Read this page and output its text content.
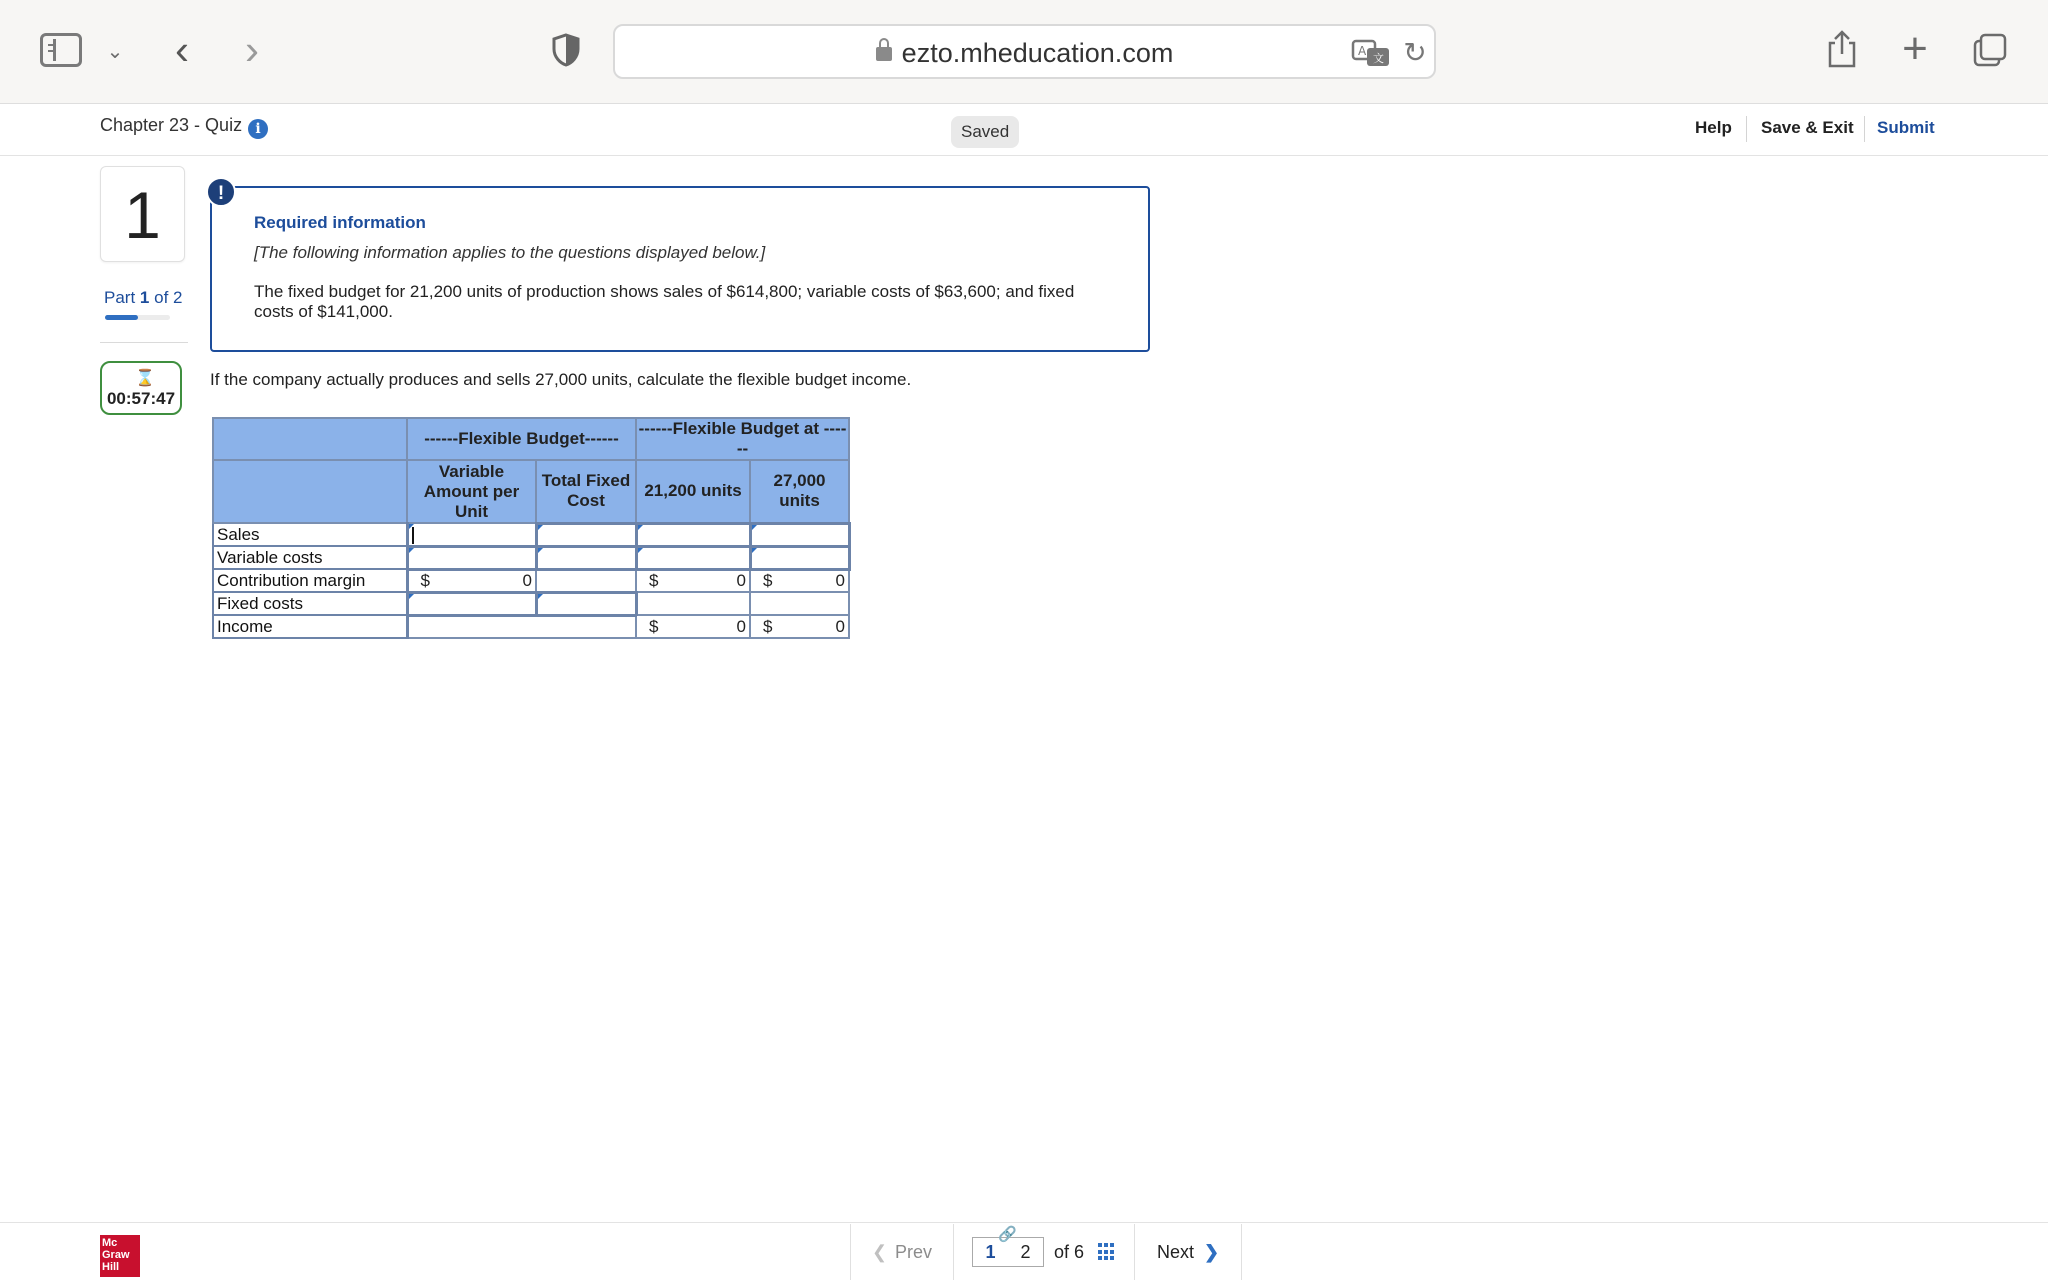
⌄	‹	›	ezto.mheducation.com	A
文 ↻	+
Chapter 23 - Quiz i	Saved	Help Save & Exit Submit
1
Part 1 of 2
⌛
00:57:47
Required information
[The following information applies to the questions displayed below.]
The fixed budget for 21,200 units of production shows sales of $614,800; variable costs of $63,600; and fixed costs of $141,000.
!
If the company actually produces and sells 27,000 units, calculate the flexible budget income.
	------Flexible Budget------		------Flexible Budget at ------	
	Variable Amount per Unit	Total Fixed Cost	21,200 units	27,000 units
Sales	

Variable costs				
Contribution margin	$ 0		$ 0	$ 0

Fixed costs				
Income			$ 0	$ 0
Mc Graw Hill
❮ Prev
🔗
1 2 of 6	Next ❯
